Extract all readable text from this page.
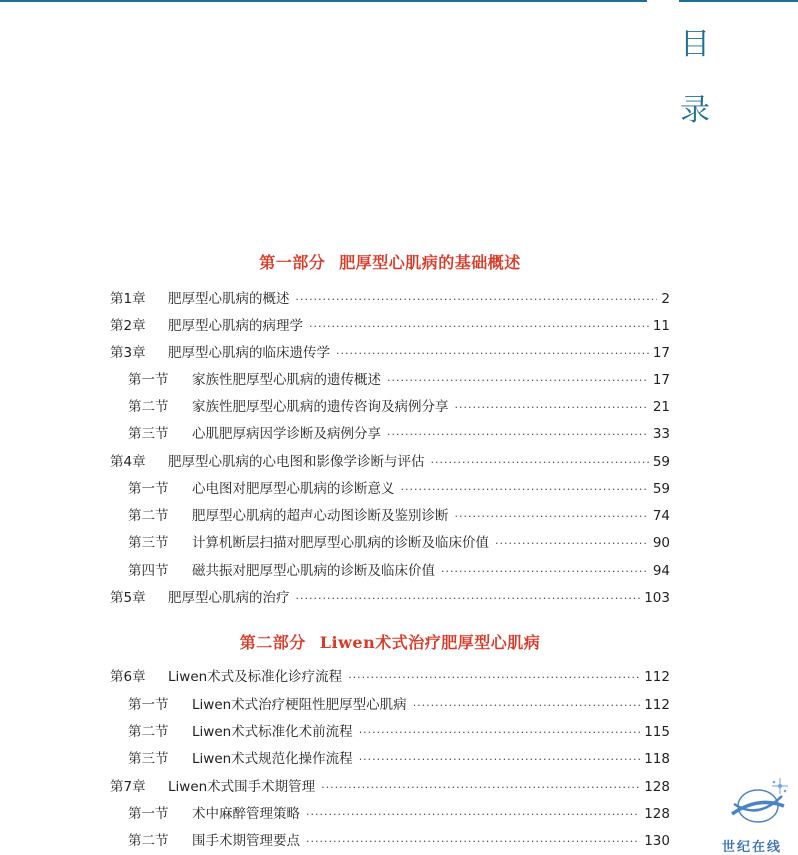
目
录
第一部分 肥厚型心肌病的基础概述
第1章 肥厚型心肌病的概述 ·····	2
第2章 肥厚型心肌病的病理学 ·····	11
第3章 肥厚型心肌病的临床遗传学 ·····	17
第一节 家族性肥厚型心肌病的遗传概述 ·····	17
第二节 家族性肥厚型心肌病的遗传咨询及病例分享 ·····	21
第三节 心肌肥厚病因学诊断及病例分享 ·····	33
第4章 肥厚型心肌病的心电图和影像学诊断与评估 ·····	59
第一节 心电图对肥厚型心肌病的诊断意义 ·····	59
第二节 肥厚型心肌病的超声心动图诊断及鉴别诊断 ·····	74
第三节 计算机断层扫描对肥厚型心肌病的诊断及临床价值 ·····	90
第四节 磁共振对肥厚型心肌病的诊断及临床价值 ·····	94
第5章 肥厚型心肌病的治疗 ·····	103
第二部分 Liwen术式治疗肥厚型心肌病
第6章 Liwen术式及标准化诊疗流程 ·····	112
第一节 Liwen术式治疗梗阻性肥厚型心肌病 ·····	112
第二节 Liwen术式标准化术前流程 ·····	115
第三节 Liwen术式规范化操作流程 ·····	118
第7章 Liwen术式围手术期管理 ·····	128
第一节 术中麻醉管理策略 ·····	128
第二节 围手术期管理要点 ·····	130	世纪在线
